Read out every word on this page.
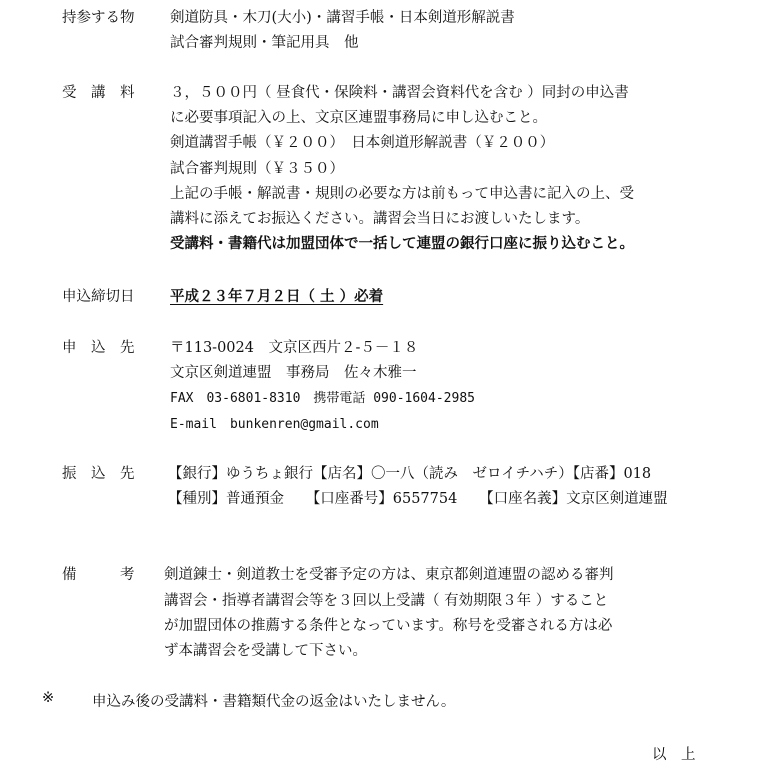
持参する物 剣道防具・木刀(大小)・講習手帳・日本剣道形解説書
試合審判規則・筆記用具　他
受　講　料 ３，５００円（ 昼食代・保険料・講習会資料代を含む ）同封の申込書
に必要事項記入の上、文京区連盟事務局に申し込むこと。
剣道講習手帳（￥２００）　日本剣道形解説書（￥２００）
試合審判規則（￥３５０）
上記の手帳・解説書・規則の必要な方は前もって申込書に記入の上、受
講料に添えてお振込ください。講習会当日にお渡しいたします。
受講料・書籍代は加盟団体で一括して連盟の銀行口座に振り込むこと。
申込締切日 平成２３年７月２日（ 土 ）必着
申　込　先 〒113-0024　文京区西片２-５－１８
文京区剣道連盟　事務局　佐々木雅一
FAX　03-6801-8310　携帯電話 090-1604-2985
E-mail　bunkenren@gmail.com
振　込　先 【銀行】ゆうちょ銀行【店名】〇一八（読み　ゼロイチハチ）【店番】018
【種別】普通預金　　【口座番号】6557754　　【口座名義】文京区剣道連盟
備　　　考 剣道錬士・剣道教士を受審予定の方は、東京都剣道連盟の認める審判
講習会・指導者講習会等を３回以上受講（ 有効期限３年 ）すること
が加盟団体の推薦する条件となっています。称号を受審される方は必
ず本講習会を受講して下さい。
※	申込み後の受講料・書籍類代金の返金はいたしません。
以　上
